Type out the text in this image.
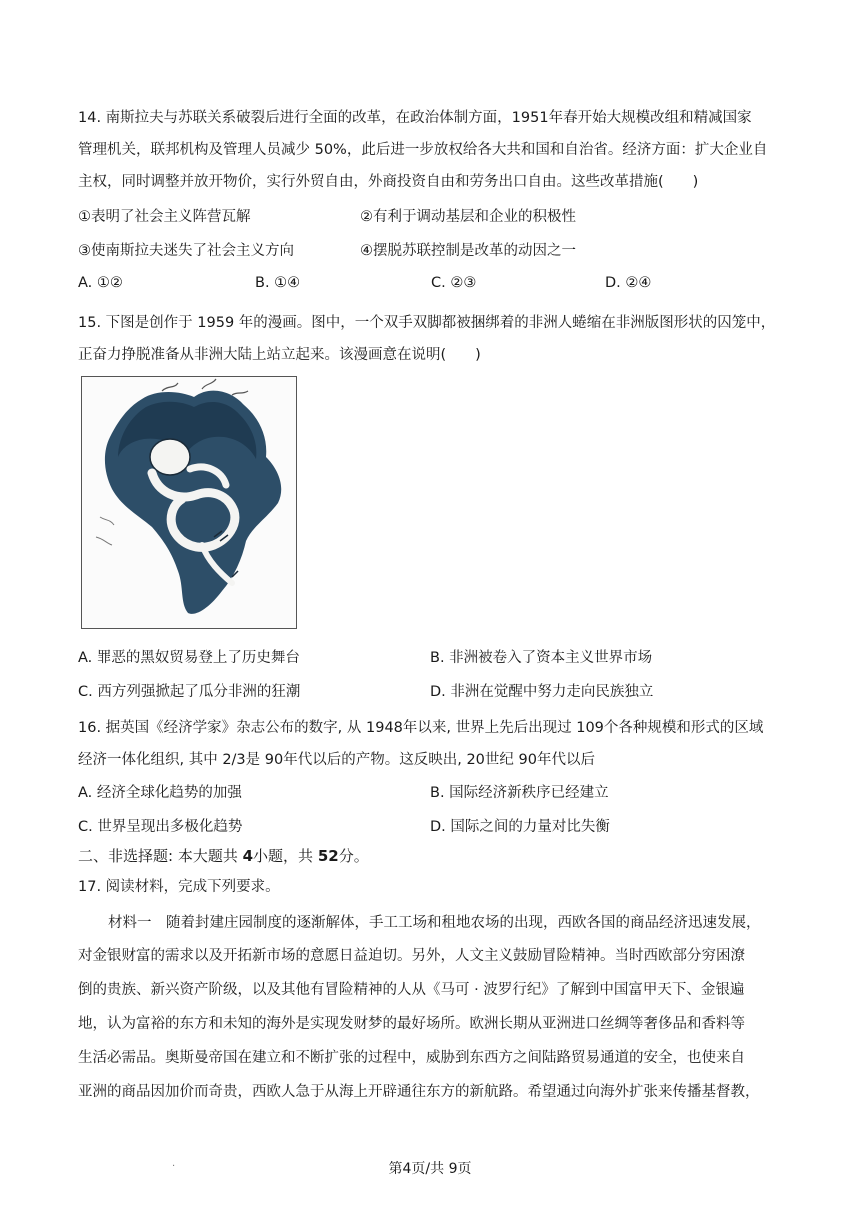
14. 南斯拉夫与苏联关系破裂后进行全面的改革，在政治体制方面，1951年春开始大规模改组和精减国家
管理机关，联邦机构及管理人员减少 50%，此后进一步放权给各大共和国和自治省。经济方面：扩大企业自
主权，同时调整并放开物价，实行外贸自由，外商投资自由和劳务出口自由。这些改革措施(　　)
①表明了社会主义阵营瓦解	②有利于调动基层和企业的积极性
③使南斯拉夫迷失了社会主义方向	④摆脱苏联控制是改革的动因之一
A. ①②	B. ①④	C. ②③	D. ②④
15. 下图是创作于 1959 年的漫画。图中，一个双手双脚都被捆绑着的非洲人蜷缩在非洲版图形状的囚笼中，
正奋力挣脱准备从非洲大陆上站立起来。该漫画意在说明(　　)
A. 罪恶的黑奴贸易登上了历史舞台	B. 非洲被卷入了资本主义世界市场
C. 西方列强掀起了瓜分非洲的狂潮	D. 非洲在觉醒中努力走向民族独立
16. 据英国《经济学家》杂志公布的数字, 从 1948年以来, 世界上先后出现过 109个各种规模和形式的区域
经济一体化组织, 其中 2/3是 90年代以后的产物。这反映出, 20世纪 90年代以后
A. 经济全球化趋势的加强	B. 国际经济新秩序已经建立
C. 世界呈现出多极化趋势	D. 国际之间的力量对比失衡
二、非选择题: 本大题共 4小题，共 52分。
17. 阅读材料，完成下列要求。
材料一　随着封建庄园制度的逐渐解体，手工工场和租地农场的出现，西欧各国的商品经济迅速发展，
对金银财富的需求以及开拓新市场的意愿日益迫切。另外，人文主义鼓励冒险精神。当时西欧部分穷困潦
倒的贵族、新兴资产阶级，以及其他有冒险精神的人从《马可 · 波罗行纪》了解到中国富甲天下、金银遍
地，认为富裕的东方和未知的海外是实现发财梦的最好场所。欧洲长期从亚洲进口丝绸等奢侈品和香料等
生活必需品。奥斯曼帝国在建立和不断扩张的过程中，威胁到东西方之间陆路贸易通道的安全，也使来自
亚洲的商品因加价而奇贵，西欧人急于从海上开辟通往东方的新航路。希望通过向海外扩张来传播基督教，
.	第4页/共 9页
